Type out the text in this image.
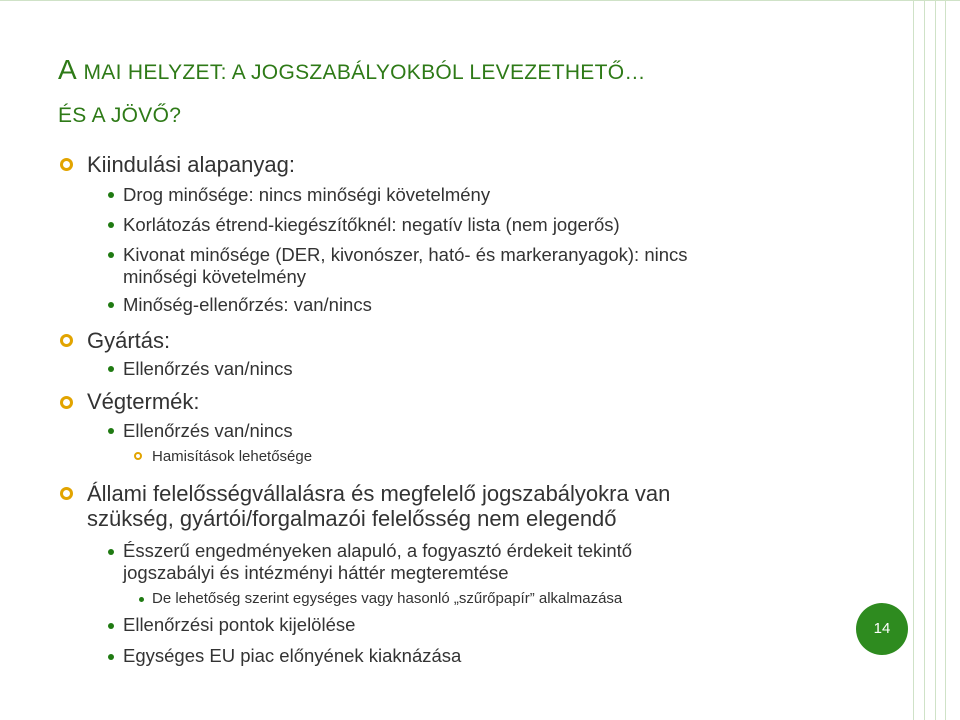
A MAI HELYZET: A JOGSZABÁLYOKBÓL LEVEZETHETŐ…
ÉS A JÖVŐ?
Kiindulási alapanyag:
Drog minősége: nincs minőségi követelmény
Korlátozás étrend-kiegészítőknél: negatív lista (nem jogerős)
Kivonat minősége (DER, kivonószer, ható- és markeranyagok): nincs
minőségi követelmény
Minőség-ellenőrzés: van/nincs
Gyártás:
Ellenőrzés van/nincs
Végtermék:
Ellenőrzés van/nincs
Hamisítások lehetősége
Állami felelősségvállalásra és megfelelő jogszabályokra van
szükség, gyártói/forgalmazói felelősség nem elegendő
Ésszerű engedményeken alapuló, a fogyasztó érdekeit tekintő
jogszabályi és intézményi háttér megteremtése
De lehetőség szerint egységes vagy hasonló „szűrőpapír” alkalmazása
Ellenőrzési pontok kijelölése
Egységes EU piac előnyének kiaknázása
14
